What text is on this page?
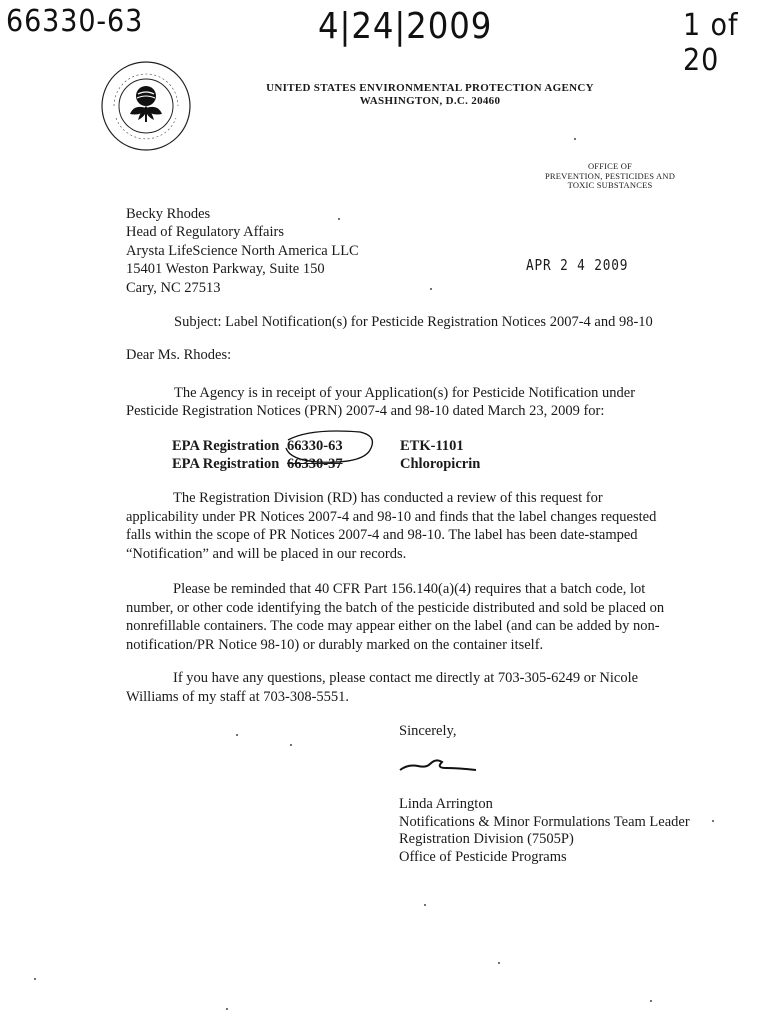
66330-63	4|24|2009	1 of 20
UNITED STATES ENVIRONMENTAL PROTECTION AGENCY
WASHINGTON, D.C. 20460
OFFICE OF
PREVENTION, PESTICIDES AND
TOXIC SUBSTANCES
Becky Rhodes
Head of Regulatory Affairs
Arysta LifeScience North America LLC
15401 Weston Parkway, Suite 150
Cary, NC 27513
APR 2 4 2009
Subject: Label Notification(s) for Pesticide Registration Notices 2007-4 and 98-10
Dear Ms. Rhodes:
The Agency is in receipt of your Application(s) for Pesticide Notification under
Pesticide Registration Notices (PRN) 2007-4 and 98-10 dated March 23, 2009 for:
EPA Registration 66330-63	ETK-1101
EPA Registration 66330-37	Chloropicrin
The Registration Division (RD) has conducted a review of this request for
applicability under PR Notices 2007-4 and 98-10 and finds that the label changes requested
falls within the scope of PR Notices 2007-4 and 98-10. The label has been date-stamped
“Notification” and will be placed in our records.
Please be reminded that 40 CFR Part 156.140(a)(4) requires that a batch code, lot
number, or other code identifying the batch of the pesticide distributed and sold be placed on
nonrefillable containers. The code may appear either on the label (and can be added by non-
notification/PR Notice 98-10) or durably marked on the container itself.
If you have any questions, please contact me directly at 703-305-6249 or Nicole
Williams of my staff at 703-308-5551.
Sincerely,
Linda Arrington
Notifications & Minor Formulations Team Leader
Registration Division (7505P)
Office of Pesticide Programs
